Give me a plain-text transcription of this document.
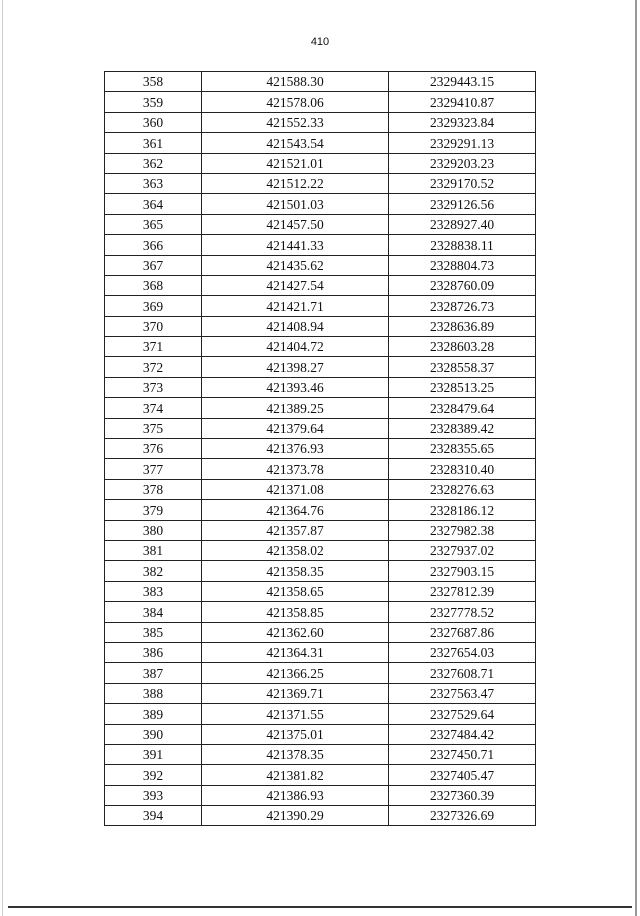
410
358	421588.30	2329443.15
359	421578.06	2329410.87
360	421552.33	2329323.84
361	421543.54	2329291.13
362	421521.01	2329203.23
363	421512.22	2329170.52
364	421501.03	2329126.56
365	421457.50	2328927.40
366	421441.33	2328838.11
367	421435.62	2328804.73
368	421427.54	2328760.09
369	421421.71	2328726.73
370	421408.94	2328636.89
371	421404.72	2328603.28
372	421398.27	2328558.37
373	421393.46	2328513.25
374	421389.25	2328479.64
375	421379.64	2328389.42
376	421376.93	2328355.65
377	421373.78	2328310.40
378	421371.08	2328276.63
379	421364.76	2328186.12
380	421357.87	2327982.38
381	421358.02	2327937.02
382	421358.35	2327903.15
383	421358.65	2327812.39
384	421358.85	2327778.52
385	421362.60	2327687.86
386	421364.31	2327654.03
387	421366.25	2327608.71
388	421369.71	2327563.47
389	421371.55	2327529.64
390	421375.01	2327484.42
391	421378.35	2327450.71
392	421381.82	2327405.47
393	421386.93	2327360.39
394	421390.29	2327326.69
